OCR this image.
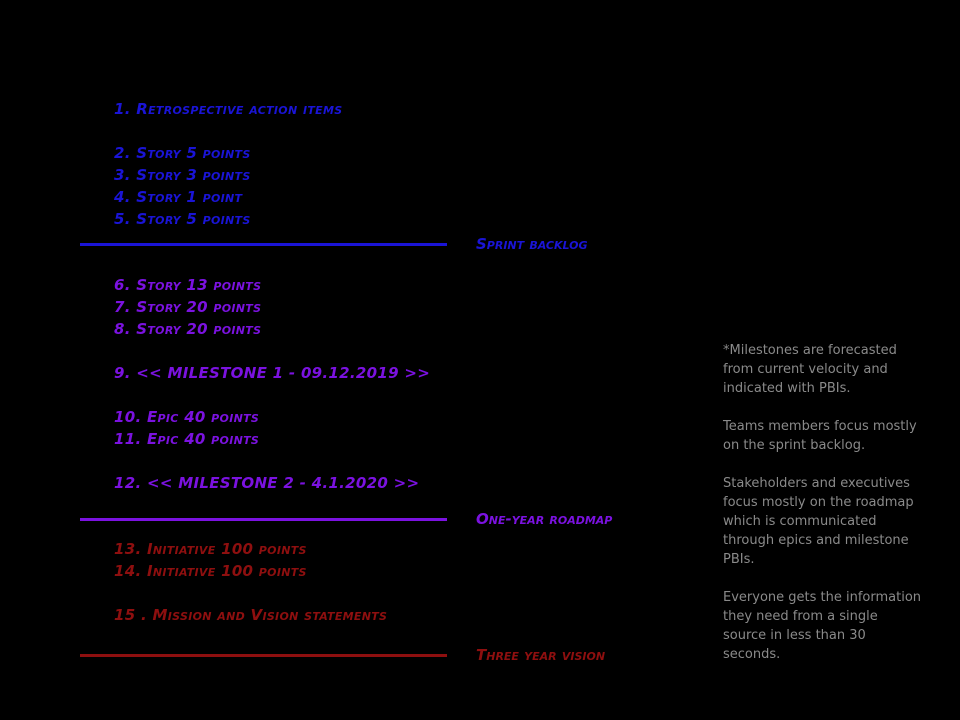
1. Retrospective action items
2. Story 5 points
3. Story 3 points
4. Story 1 point
5. Story 5 points
Sprint backlog
6. Story 13 points
7. Story 20 points
8. Story 20 points
9. << MILESTONE 1 - 09.12.2019 >>
10. Epic 40 points
11. Epic 40 points
12. << MILESTONE 2 - 4.1.2020 >>
One-year roadmap
13. Initiative 100 points
14. Initiative 100 points
15 . Mission and Vision statements
Three year vision

*Milestones are forecasted from current velocity and indicated with PBIs.

Teams members focus mostly on the sprint backlog.

Stakeholders and executives focus mostly on the roadmap which is communicated through epics and milestone PBIs.

Everyone gets the information they need from a single source in less than 30 seconds.
